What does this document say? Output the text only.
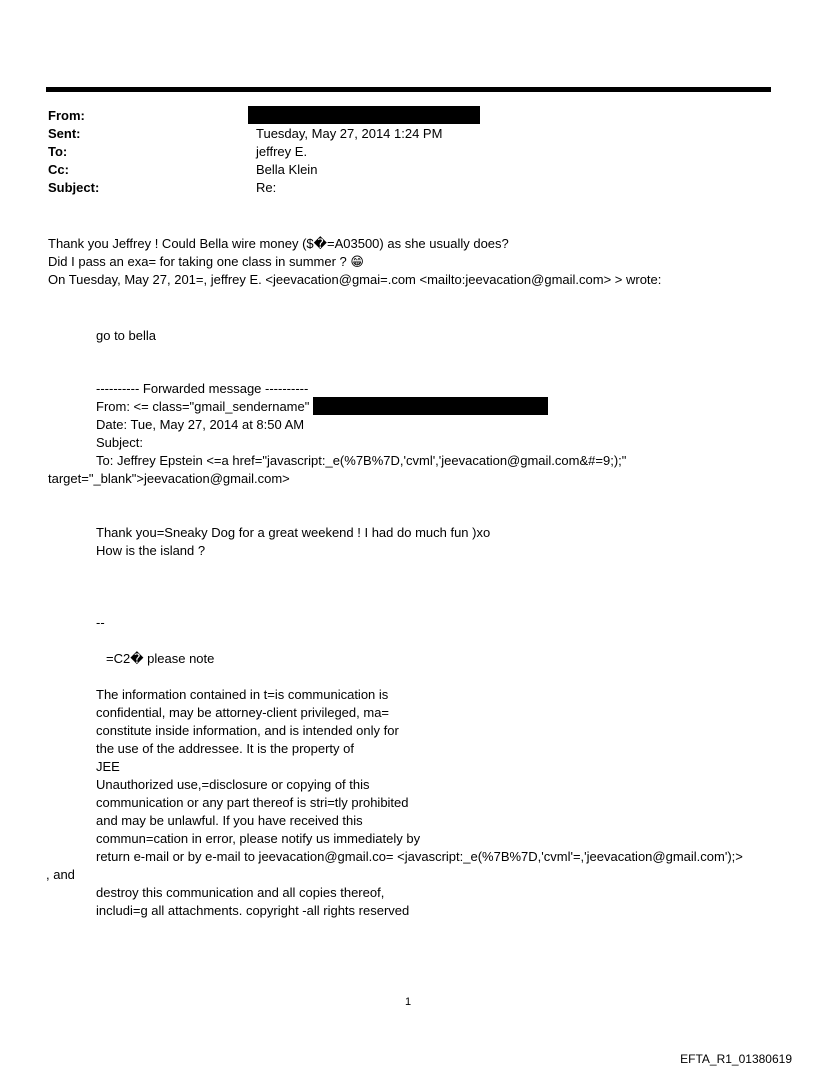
From:
Sent:	Tuesday, May 27, 2014 1:24 PM
To:	jeffrey E.
Cc:	Bella Klein
Subject:	Re:
Thank you Jeffrey ! Could Bella wire money ($�=A03500) as she usually does?
Did I pass an exa= for taking one class in summer ? 😁
On Tuesday, May 27, 201=, jeffrey E. <jeevacation@gmai=.com <mailto:jeevacation@gmail.com> > wrote:
go to bella
---------- Forwarded message ----------
From: <= class="gmail_sendername"
Date: Tue, May 27, 2014 at 8:50 AM
Subject:
To: Jeffrey Epstein <=a href="javascript:_e(%7B%7D,'cvml','jeevacation@gmail.com&#=9;);"
target="_blank">jeevacation@gmail.com>
Thank you=Sneaky Dog for a great weekend ! I had do much fun )xo
How is the island ?
--
=C2� please note
The information contained in t=is communication is
confidential, may be attorney-client privileged, ma=
constitute inside information, and is intended only for
the use of the addressee. It is the property of
JEE
Unauthorized use,=disclosure or copying of this
communication or any part thereof is stri=tly prohibited
and may be unlawful. If you have received this
commun=cation in error, please notify us immediately by
return e-mail or by e-mail to jeevacation@gmail.co= <javascript:_e(%7B%7D,'cvml'=,'jeevacation@gmail.com');>
, and
destroy this communication and all copies thereof,
includi=g all attachments. copyright -all rights reserved
1
EFTA_R1_01380619
